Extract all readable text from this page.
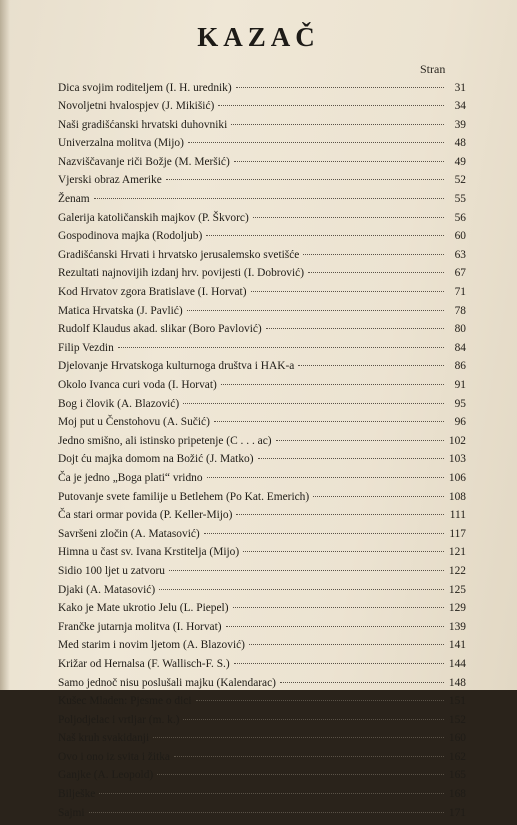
KAZAČ
Stran
Dica svojim roditeljem (I. H. urednik)	31
Novoljetni hvalospjev (J. Mikišić)	34
Naši gradišćanski hrvatski duhovniki	39
Univerzalna molitva (Mijo)	48
Nazviščavanje riči Božje (M. Meršić)	49
Vjerski obraz Amerike	52
Ženam	55
Galerija katoličanskih majkov (P. Škvorc)	56
Gospodinova majka (Rodoljub)	60
Gradišćanski Hrvati i hrvatsko jerusalemsko svetišće	63
Rezultati najnovijih izdanj hrv. povijesti (I. Dobrović)	67
Kod Hrvatov zgora Bratislave (I. Horvat)	71
Matica Hrvatska (J. Pavlić)	78
Rudolf Klaudus akad. slikar (Boro Pavlović)	80
Filip Vezdin	84
Djelovanje Hrvatskoga kulturnoga društva i HAK-a	86
Okolo Ivanca curi voda (I. Horvat)	91
Bog i človik (A. Blazović)	95
Moj put u Čenstohovu (A. Sučić)	96
Jedno smišno, ali istinsko pripetenje (C . . . ac)	102
Dojt ću majka domom na Božić (J. Matko)	103
Ča je jedno „Boga plati“ vridno	106
Putovanje svete familije u Betlehem (Po Kat. Emerich)	108
Ča stari ormar povida (P. Keller-Mijo)	111
Savršeni zločin (A. Matasović)	117
Himna u čast sv. Ivana Krstitelja (Mijo)	121
Sidio 100 ljet u zatvoru	122
Djaki (A. Matasović)	125
Kako je Mate ukrotio Jelu (L. Piepel)	129
Frančke jutarnja molitva (I. Horvat)	139
Med starim i novim ljetom (A. Blazović)	141
Križar od Hernalsa (F. Wallisch-F. S.)	144
Samo jednoč nisu poslušali majku (Kalendarac)	148
Kušec Mladen: Pjesme o dici	151
Poljodjelac i vrtljar (m. k.)	152
Naš kruh svakidanji	160
Ovo i ono iz svita i žitka	162
Ganjke (A. Leopold)	165
Bilješke	168
Sajmi	171
